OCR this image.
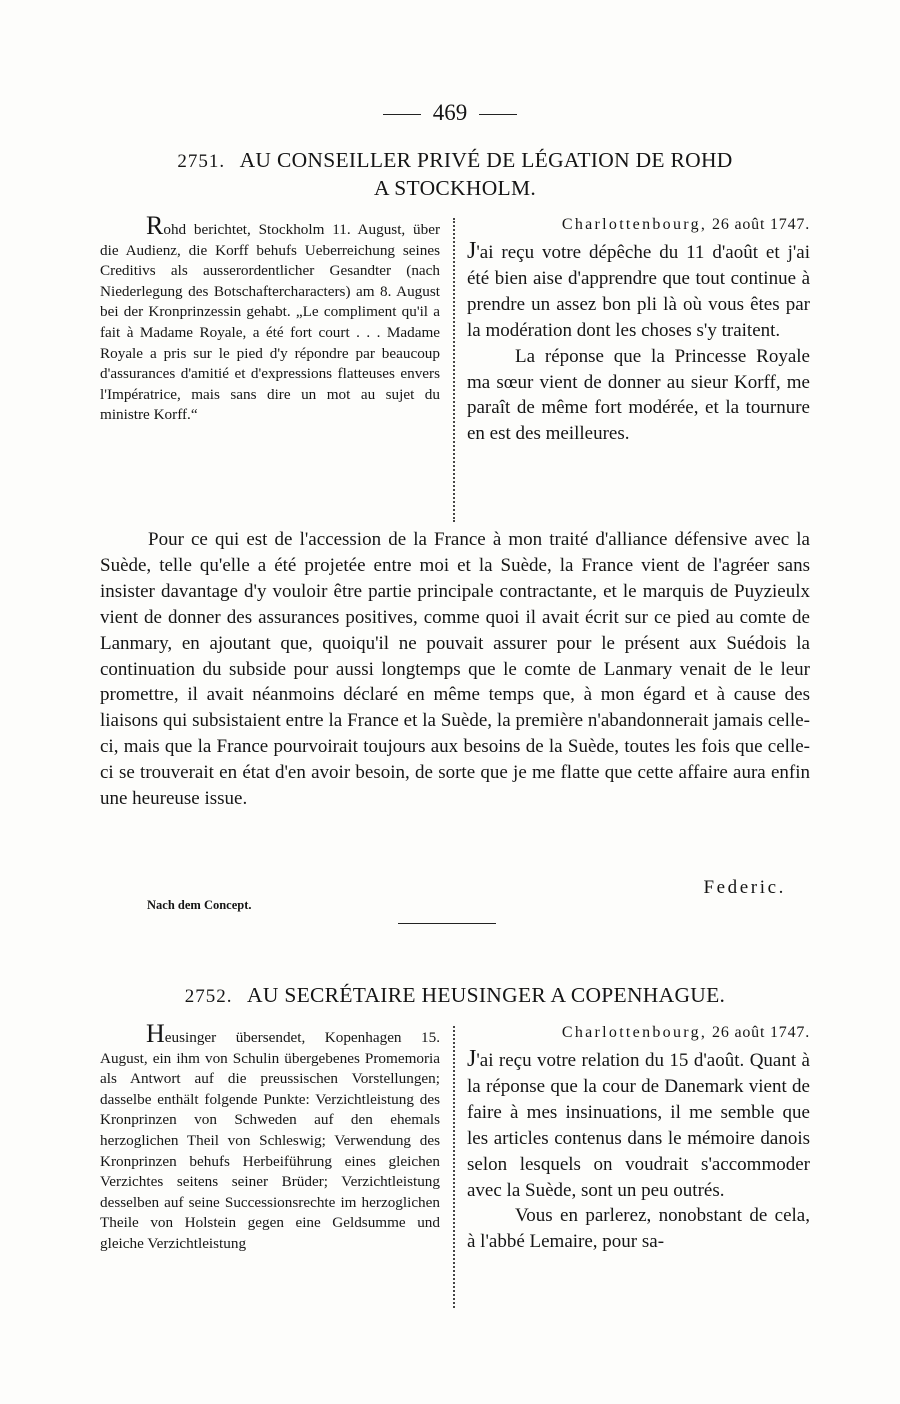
469
2751. AU CONSEILLER PRIVÉ DE LÉGATION DE ROHD
A STOCKHOLM.
Rohd berichtet, Stockholm 11. August, über die Audienz, die Korff behufs Ueberreichung seines Creditivs als ausserordentlicher Gesandter (nach Niederlegung des Botschaftercharacters) am 8. August bei der Kronprinzessin gehabt. „Le compliment qu'il a fait à Madame Royale, a été fort court . . . Madame Royale a pris sur le pied d'y répondre par beaucoup d'assurances d'amitié et d'expressions flatteuses envers l'Impératrice, mais sans dire un mot au sujet du ministre Korff.“
Charlottenbourg, 26 août 1747.

J'ai reçu votre dépêche du 11 d'août et j'ai été bien aise d'apprendre que tout continue à prendre un assez bon pli là où vous êtes par la modération dont les choses s'y traitent.

La réponse que la Princesse Royale ma sœur vient de donner au sieur Korff, me paraît de même fort modérée, et la tournure en est des meilleures.

Pour ce qui est de l'accession de la France à mon traité d'alliance défensive avec la Suède, telle qu'elle a été projetée entre moi et la Suède, la France vient de l'agréer sans insister davantage d'y vouloir être partie principale contractante, et le marquis de Puyzieulx vient de donner des assurances positives, comme quoi il avait écrit sur ce pied au comte de Lanmary, en ajoutant que, quoiqu'il ne pouvait assurer pour le présent aux Suédois la continuation du subside pour aussi longtemps que le comte de Lanmary venait de le leur promettre, il avait néanmoins déclaré en même temps que, à mon égard et à cause des liaisons qui subsistaient entre la France et la Suède, la première n'abandonnerait jamais celle-ci, mais que la France pourvoirait toujours aux besoins de la Suède, toutes les fois que celle-ci se trouverait en état d'en avoir besoin, de sorte que je me flatte que cette affaire aura enfin une heureuse issue.

Federic.
Nach dem Concept.
2752. AU SECRÉTAIRE HEUSINGER A COPENHAGUE.
Heusinger übersendet, Kopenhagen 15. August, ein ihm von Schulin übergebenes Promemoria als Antwort auf die preussischen Vorstellungen; dasselbe enthält folgende Punkte: Verzichtleistung des Kronprinzen von Schweden auf den ehemals herzoglichen Theil von Schleswig; Verwendung des Kronprinzen behufs Herbeiführung eines gleichen Verzichtes seitens seiner Brüder; Verzichtleistung desselben auf seine Successionsrechte im herzoglichen Theile von Holstein gegen eine Geldsumme und gleiche Verzichtleistung
Charlottenbourg, 26 août 1747.

J'ai reçu votre relation du 15 d'août. Quant à la réponse que la cour de Danemark vient de faire à mes insinuations, il me semble que les articles contenus dans le mémoire danois selon lesquels on voudrait s'accommoder avec la Suède, sont un peu outrés.

Vous en parlerez, nonobstant de cela, à l'abbé Lemaire, pour sa-
